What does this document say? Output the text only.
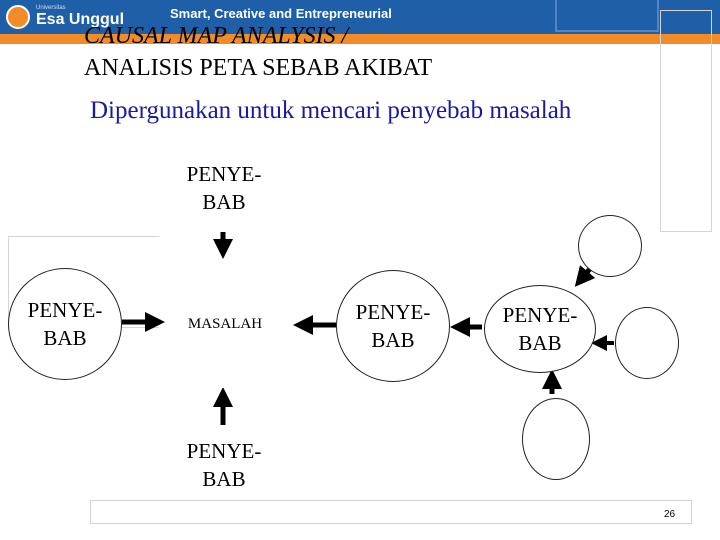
Universitas
Esa Unggul	Smart, Creative and Entrepreneurial
CAUSAL MAP ANALYSIS /
ANALISIS PETA SEBAB AKIBAT
Dipergunakan untuk mencari penyebab masalah
PENYE-
BAB
PENYE-
BAB
MASALAH
PENYE-
BAB
PENYE-
BAB
PENYE-
BAB
26
